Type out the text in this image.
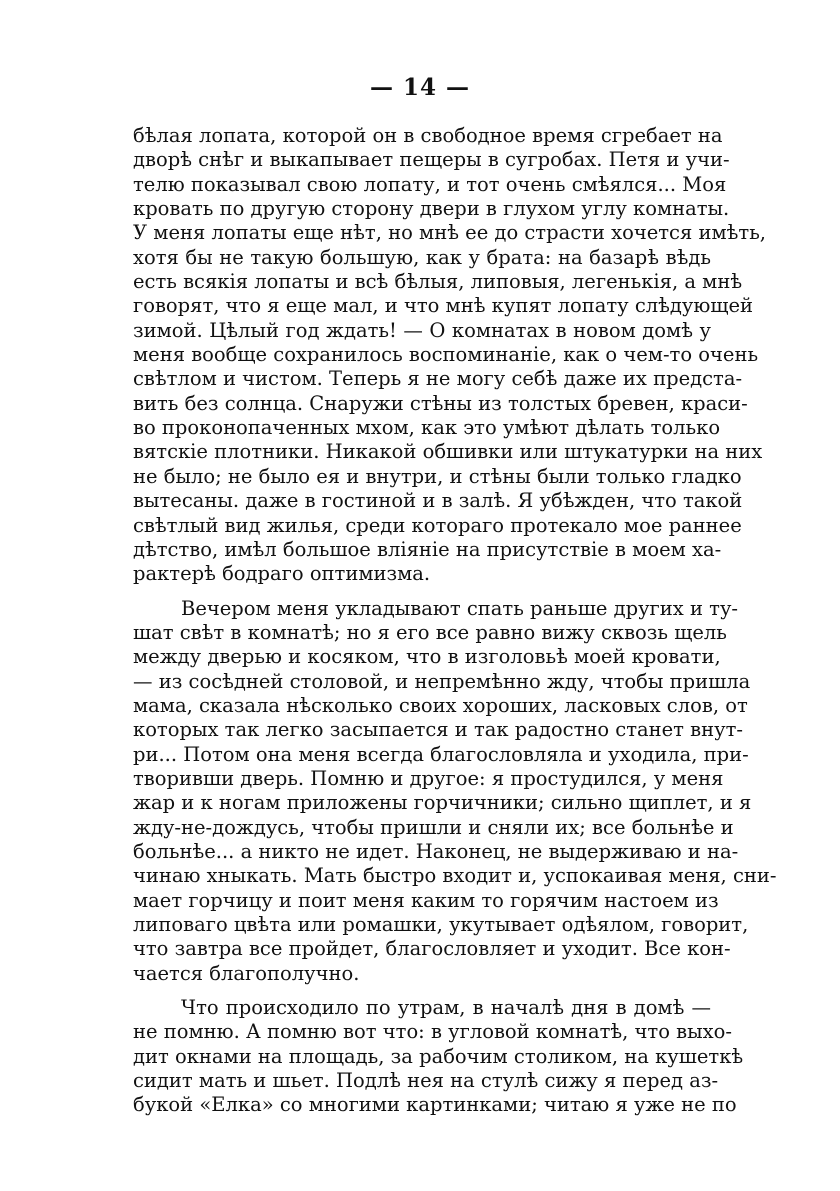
— 14 —
бѣлая лопата, которой он в свободное время сгребает на
дворѣ снѣг и выкапывает пещеры в сугробах. Петя и учи-
телю показывал свою лопату, и тот очень смѣялся... Моя
кровать по другую сторону двери в глухом углу комнаты.
У меня лопаты еще нѣт, но мнѣ ее до страсти хочется имѣть,
хотя бы не такую большую, как у брата: на базарѣ вѣдь
есть всякія лопаты и всѣ бѣлыя, липовыя, легенькія, а мнѣ
говорят, что я еще мал, и что мнѣ купят лопату слѣдующей
зимой. Цѣлый год ждать! — О комнатах в новом домѣ у
меня вообще сохранилось воспоминаніе, как о чем-то очень
свѣтлом и чистом. Теперь я не могу себѣ даже их предста-
вить без солнца. Снаружи стѣны из толстых бревен, краси-
во проконопаченных мхом, как это умѣют дѣлать только
вятскіе плотники. Никакой обшивки или штукатурки на них
не было; не было ея и внутри, и стѣны были только гладко
вытесаны. даже в гостиной и в залѣ. Я убѣжден, что такой
свѣтлый вид жилья, среди котораго протекало мое раннее
дѣтство, имѣл большое вліяніе на присутствіе в моем ха-
рактерѣ бодраго оптимизма.
Вечером меня укладывают спать раньше других и ту-
шат свѣт в комнатѣ; но я его все равно вижу сквозь щель
между дверью и косяком, что в изголовьѣ моей кровати,
— из сосѣдней столовой, и непремѣнно жду, чтобы пришла
мама, сказала нѣсколько своих хороших, ласковых слов, от
которых так легко засыпается и так радостно станет внут-
ри... Потом она меня всегда благословляла и уходила, при-
творивши дверь. Помню и другое: я простудился, у меня
жар и к ногам приложены горчичники; сильно щиплет, и я
жду-не-дождусь, чтобы пришли и сняли их; все больнѣе и
больнѣе... а никто не идет. Наконец, не выдерживаю и на-
чинаю хныкать. Мать быстро входит и, успокаивая меня, сни-
мает горчицу и поит меня каким то горячим настоем из
липоваго цвѣта или ромашки, укутывает одѣялом, говорит,
что завтра все пройдет, благословляет и уходит. Все кон-
чается благополучно.
Что происходило по утрам, в началѣ дня в домѣ —
не помню. А помню вот что: в угловой комнатѣ, что выхо-
дит окнами на площадь, за рабочим столиком, на кушеткѣ
сидит мать и шьет. Подлѣ нея на стулѣ сижу я перед аз-
букой «Елка» со многими картинками; читаю я уже не по
